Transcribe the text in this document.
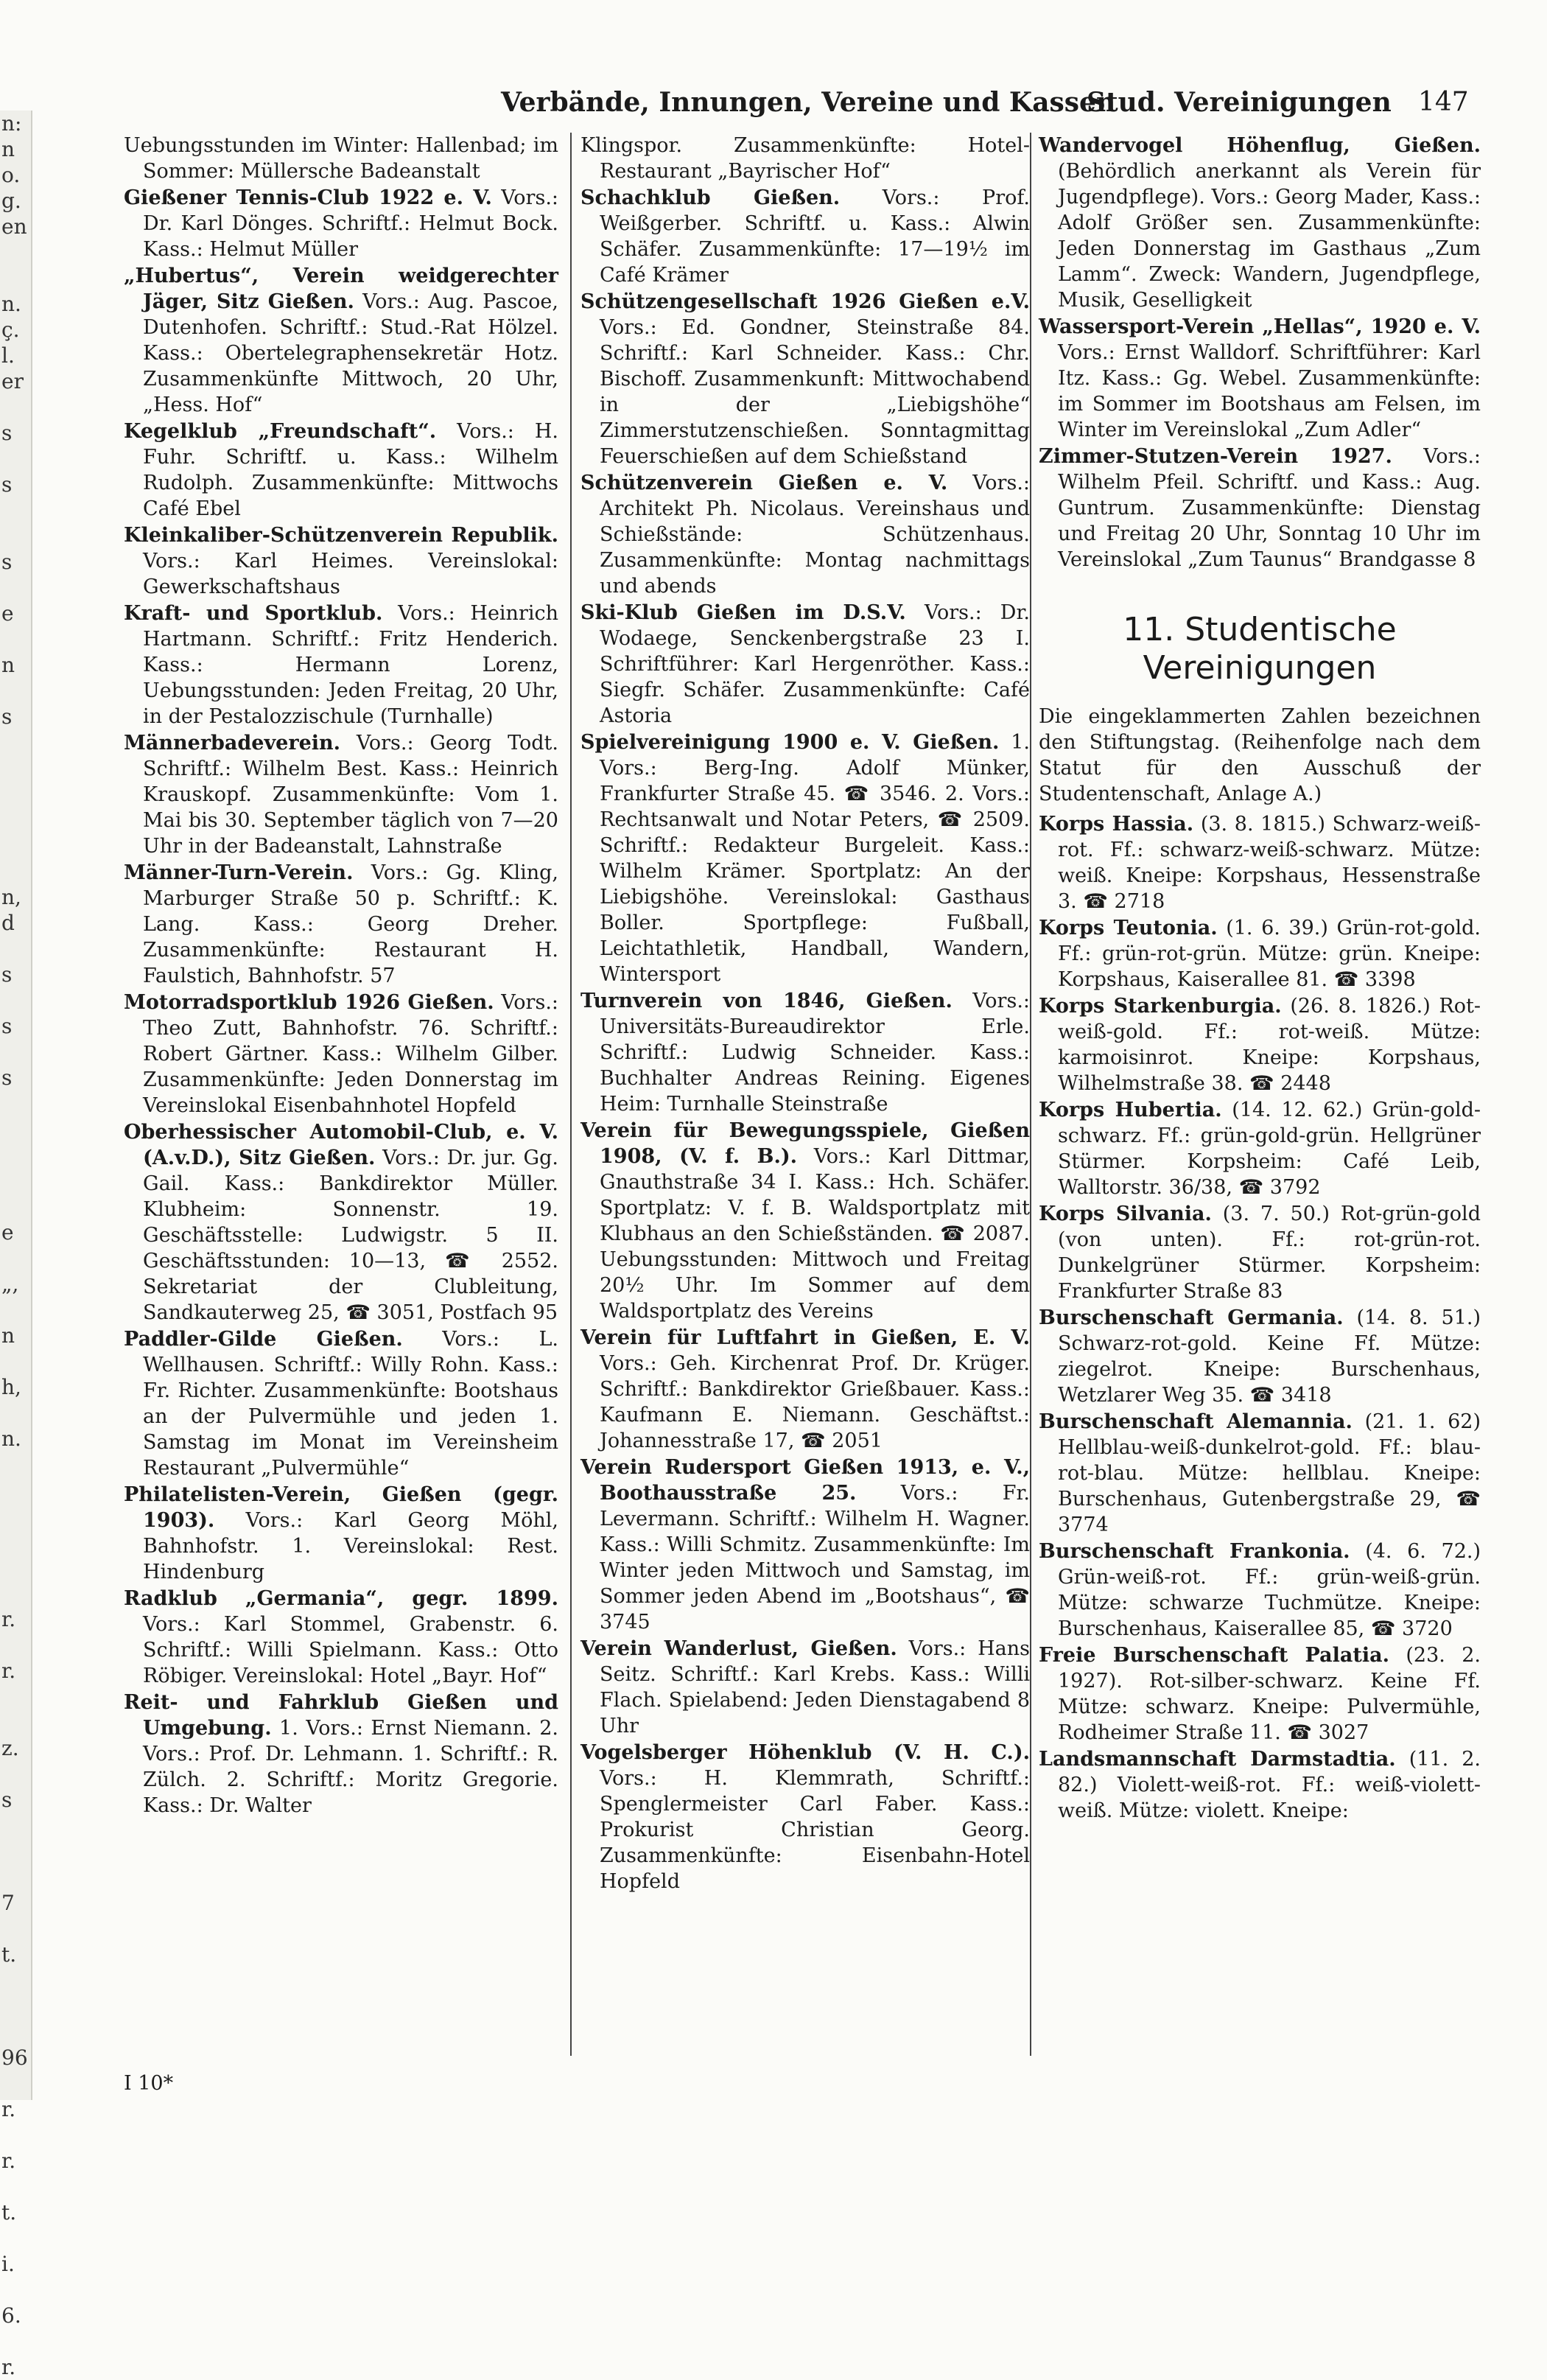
n:
n
o.
g.
en
n.
ç.
l.
er
s
s
s
e
n
s
n,
d
s
s
s
e
„,
n
h,
n.
r.
r.
z.
s
7
t.
96
r.
r.
t.
i.
6.
r.
Verbände, Innungen, Vereine und Kassen
Stud. Vereinigungen 147
Uebungsstunden im Winter: Hallenbad; im Sommer: Müllersche Badeanstalt
Gießener Tennis-Club 1922 e. V. Vors.: Dr. Karl Dönges. Schriftf.: Helmut Bock. Kass.: Helmut Müller
„Hubertus“, Verein weidgerechter Jäger, Sitz Gießen. Vors.: Aug. Pascoe, Dutenhofen. Schriftf.: Stud.-Rat Hölzel. Kass.: Obertelegraphensekretär Hotz. Zusammenkünfte Mittwoch, 20 Uhr, „Hess. Hof“
Kegelklub „Freundschaft“. Vors.: H. Fuhr. Schriftf. u. Kass.: Wilhelm Rudolph. Zusammenkünfte: Mittwochs Café Ebel
Kleinkaliber-Schützenverein Republik. Vors.: Karl Heimes. Vereinslokal: Gewerkschaftshaus
Kraft- und Sportklub. Vors.: Heinrich Hartmann. Schriftf.: Fritz Henderich. Kass.: Hermann Lorenz, Uebungsstunden: Jeden Freitag, 20 Uhr, in der Pestalozzischule (Turnhalle)
Männerbadeverein. Vors.: Georg Todt. Schriftf.: Wilhelm Best. Kass.: Heinrich Krauskopf. Zusammenkünfte: Vom 1. Mai bis 30. September täglich von 7—20 Uhr in der Badeanstalt, Lahnstraße
Männer-Turn-Verein. Vors.: Gg. Kling, Marburger Straße 50 p. Schriftf.: K. Lang. Kass.: Georg Dreher. Zusammenkünfte: Restaurant H. Faulstich, Bahnhofstr. 57
Motorradsportklub 1926 Gießen. Vors.: Theo Zutt, Bahnhofstr. 76. Schriftf.: Robert Gärtner. Kass.: Wilhelm Gilber. Zusammenkünfte: Jeden Donnerstag im Vereinslokal Eisenbahnhotel Hopfeld
Oberhessischer Automobil-Club, e. V. (A.v.D.), Sitz Gießen. Vors.: Dr. jur. Gg. Gail. Kass.: Bankdirektor Müller. Klubheim: Sonnenstr. 19. Geschäftsstelle: Ludwigstr. 5 II. Geschäftsstunden: 10—13, ☎ 2552. Sekretariat der Clubleitung, Sandkauterweg 25, ☎ 3051, Postfach 95
Paddler-Gilde Gießen. Vors.: L. Wellhausen. Schriftf.: Willy Rohn. Kass.: Fr. Richter. Zusammenkünfte: Bootshaus an der Pulvermühle und jeden 1. Samstag im Monat im Vereinsheim Restaurant „Pulvermühle“
Philatelisten-Verein, Gießen (gegr. 1903). Vors.: Karl Georg Möhl, Bahnhofstr. 1. Vereinslokal: Rest. Hindenburg
Radklub „Germania“, gegr. 1899. Vors.: Karl Stommel, Grabenstr. 6. Schriftf.: Willi Spielmann. Kass.: Otto Röbiger. Vereinslokal: Hotel „Bayr. Hof“
Reit- und Fahrklub Gießen und Umgebung. 1. Vors.: Ernst Niemann. 2. Vors.: Prof. Dr. Lehmann. 1. Schriftf.: R. Zülch. 2. Schriftf.: Moritz Gregorie. Kass.: Dr. Walter
Klingspor. Zusammenkünfte: Hotel-Restaurant „Bayrischer Hof“
Schachklub Gießen. Vors.: Prof. Weißgerber. Schriftf. u. Kass.: Alwin Schäfer. Zusammenkünfte: 17—19½ im Café Krämer
Schützengesellschaft 1926 Gießen e.V. Vors.: Ed. Gondner, Steinstraße 84. Schriftf.: Karl Schneider. Kass.: Chr. Bischoff. Zusammenkunft: Mittwochabend in der „Liebigshöhe“ Zimmerstutzenschießen. Sonntagmittag Feuerschießen auf dem Schießstand
Schützenverein Gießen e. V. Vors.: Architekt Ph. Nicolaus. Vereinshaus und Schießstände: Schützenhaus. Zusammenkünfte: Montag nachmittags und abends
Ski-Klub Gießen im D.S.V. Vors.: Dr. Wodaege, Senckenbergstraße 23 I. Schriftführer: Karl Hergenröther. Kass.: Siegfr. Schäfer. Zusammenkünfte: Café Astoria
Spielvereinigung 1900 e. V. Gießen. 1. Vors.: Berg-Ing. Adolf Münker, Frankfurter Straße 45. ☎ 3546. 2. Vors.: Rechtsanwalt und Notar Peters, ☎ 2509. Schriftf.: Redakteur Burgeleit. Kass.: Wilhelm Krämer. Sportplatz: An der Liebigshöhe. Vereinslokal: Gasthaus Boller. Sportpflege: Fußball, Leichtathletik, Handball, Wandern, Wintersport
Turnverein von 1846, Gießen. Vors.: Universitäts-Bureaudirektor Erle. Schriftf.: Ludwig Schneider. Kass.: Buchhalter Andreas Reining. Eigenes Heim: Turnhalle Steinstraße
Verein für Bewegungsspiele, Gießen 1908, (V. f. B.). Vors.: Karl Dittmar, Gnauthstraße 34 I. Kass.: Hch. Schäfer. Sportplatz: V. f. B. Waldsportplatz mit Klubhaus an den Schießständen. ☎ 2087. Uebungsstunden: Mittwoch und Freitag 20½ Uhr. Im Sommer auf dem Waldsportplatz des Vereins
Verein für Luftfahrt in Gießen, E. V. Vors.: Geh. Kirchenrat Prof. Dr. Krüger. Schriftf.: Bankdirektor Grießbauer. Kass.: Kaufmann E. Niemann. Geschäftst.: Johannesstraße 17, ☎ 2051
Verein Rudersport Gießen 1913, e. V., Boothausstraße 25. Vors.: Fr. Levermann. Schriftf.: Wilhelm H. Wagner. Kass.: Willi Schmitz. Zusammenkünfte: Im Winter jeden Mittwoch und Samstag, im Sommer jeden Abend im „Bootshaus“, ☎ 3745
Verein Wanderlust, Gießen. Vors.: Hans Seitz. Schriftf.: Karl Krebs. Kass.: Willi Flach. Spielabend: Jeden Dienstagabend 8 Uhr
Vogelsberger Höhenklub (V. H. C.). Vors.: H. Klemmrath, Schriftf.: Spenglermeister Carl Faber. Kass.: Prokurist Christian Georg. Zusammenkünfte: Eisenbahn-Hotel Hopfeld
Wandervogel Höhenflug, Gießen. (Behördlich anerkannt als Verein für Jugendpflege). Vors.: Georg Mader, Kass.: Adolf Größer sen. Zusammenkünfte: Jeden Donnerstag im Gasthaus „Zum Lamm“. Zweck: Wandern, Jugendpflege, Musik, Geselligkeit
Wassersport-Verein „Hellas“, 1920 e. V. Vors.: Ernst Walldorf. Schriftführer: Karl Itz. Kass.: Gg. Webel. Zusammenkünfte: im Sommer im Bootshaus am Felsen, im Winter im Vereinslokal „Zum Adler“
Zimmer-Stutzen-Verein 1927. Vors.: Wilhelm Pfeil. Schriftf. und Kass.: Aug. Guntrum. Zusammenkünfte: Dienstag und Freitag 20 Uhr, Sonntag 10 Uhr im Vereinslokal „Zum Taunus“ Brandgasse 8
11. Studentische Vereinigungen
Die eingeklammerten Zahlen bezeichnen den Stiftungstag. (Reihenfolge nach dem Statut für den Ausschuß der Studentenschaft, Anlage A.)
Korps Hassia. (3. 8. 1815.) Schwarz-weiß-rot. Ff.: schwarz-weiß-schwarz. Mütze: weiß. Kneipe: Korpshaus, Hessenstraße 3. ☎ 2718
Korps Teutonia. (1. 6. 39.) Grün-rot-gold. Ff.: grün-rot-grün. Mütze: grün. Kneipe: Korpshaus, Kaiserallee 81. ☎ 3398
Korps Starkenburgia. (26. 8. 1826.) Rot-weiß-gold. Ff.: rot-weiß. Mütze: karmoisinrot. Kneipe: Korpshaus, Wilhelmstraße 38. ☎ 2448
Korps Hubertia. (14. 12. 62.) Grün-gold-schwarz. Ff.: grün-gold-grün. Hellgrüner Stürmer. Korpsheim: Café Leib, Walltorstr. 36/38, ☎ 3792
Korps Silvania. (3. 7. 50.) Rot-grün-gold (von unten). Ff.: rot-grün-rot. Dunkelgrüner Stürmer. Korpsheim: Frankfurter Straße 83
Burschenschaft Germania. (14. 8. 51.) Schwarz-rot-gold. Keine Ff. Mütze: ziegelrot. Kneipe: Burschenhaus, Wetzlarer Weg 35. ☎ 3418
Burschenschaft Alemannia. (21. 1. 62) Hellblau-weiß-dunkelrot-gold. Ff.: blau-rot-blau. Mütze: hellblau. Kneipe: Burschenhaus, Gutenbergstraße 29, ☎ 3774
Burschenschaft Frankonia. (4. 6. 72.) Grün-weiß-rot. Ff.: grün-weiß-grün. Mütze: schwarze Tuchmütze. Kneipe: Burschenhaus, Kaiserallee 85, ☎ 3720
Freie Burschenschaft Palatia. (23. 2. 1927). Rot-silber-schwarz. Keine Ff. Mütze: schwarz. Kneipe: Pulvermühle, Rodheimer Straße 11. ☎ 3027
Landsmannschaft Darmstadtia. (11. 2. 82.) Violett-weiß-rot. Ff.: weiß-violett-weiß. Mütze: violett. Kneipe:
I 10*
